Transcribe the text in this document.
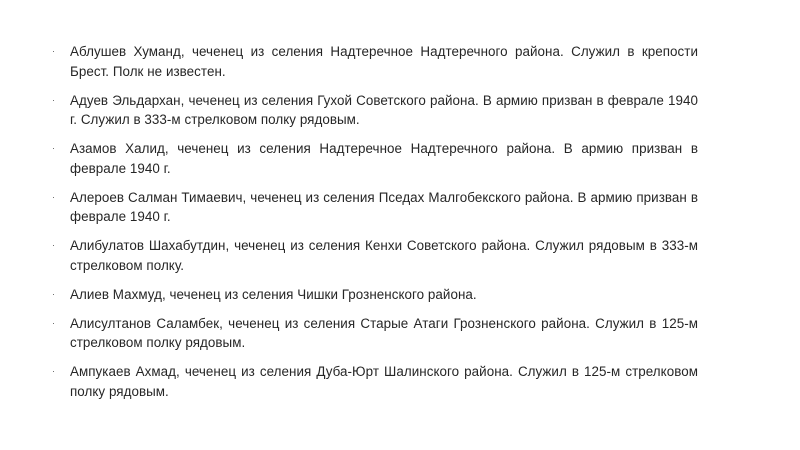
· Аблушев Хуманд, чеченец из селения Надтеречное Надтеречного района. Служил в крепости Брест. Полк не известен.
· Адуев Эльдархан, чеченец из селения Гухой Советского района. В армию призван в феврале 1940 г. Служил в 333-м стрелковом полку рядовым.
· Азамов Халид, чеченец из селения Надтеречное Надтеречного района. В армию призван в феврале 1940 г.
· Алероев Салман Тимаевич, чеченец из селения Пседах Малгобекского района. В армию призван в феврале 1940 г.
· Алибулатов Шахабутдин, чеченец из селения Кенхи Советского района. Служил рядовым в 333-м стрелковом полку.
· Алиев Махмуд, чеченец из селения Чишки Грозненского района.
· Алисултанов Саламбек, чеченец из селения Старые Атаги Грозненского района. Служил в 125-м стрелковом полку рядовым.
· Ампукаев Ахмад, чеченец из селения Дуба-Юрт Шалинского района. Служил в 125-м стрелковом полку рядовым.
